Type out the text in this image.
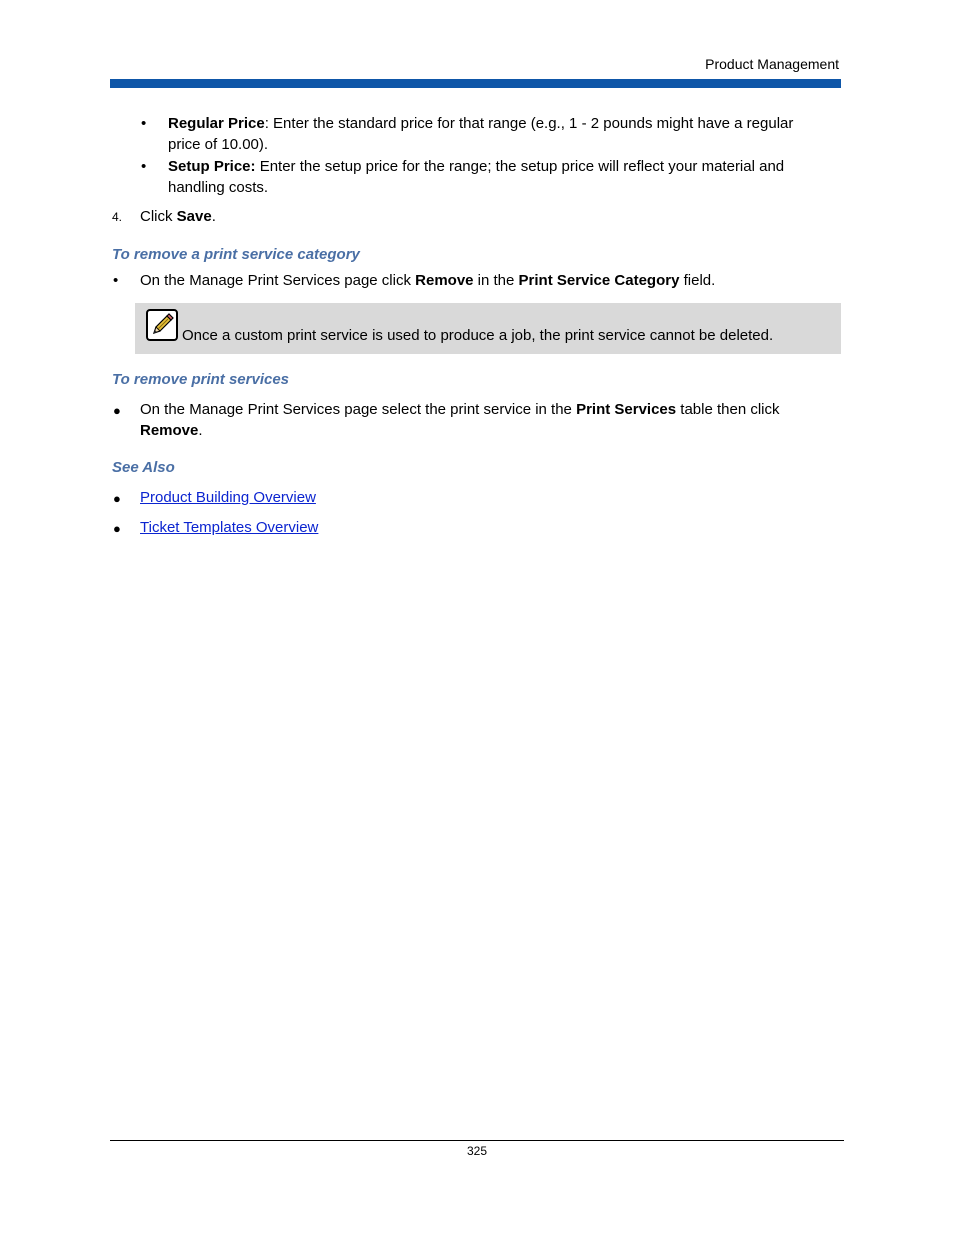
Product Management
• Regular Price: Enter the standard price for that range (e.g., 1 - 2 pounds might have a regular
price of 10.00).
• Setup Price: Enter the setup price for the range; the setup price will reflect your material and
handling costs.
4. Click Save.
To remove a print service category
• On the Manage Print Services page click Remove in the Print Service Category field.
Once a custom print service is used to produce a job, the print service cannot be deleted.
To remove print services
● On the Manage Print Services page select the print service in the Print Services table then click
Remove.
See Also
● Product Building Overview
● Ticket Templates Overview
325
